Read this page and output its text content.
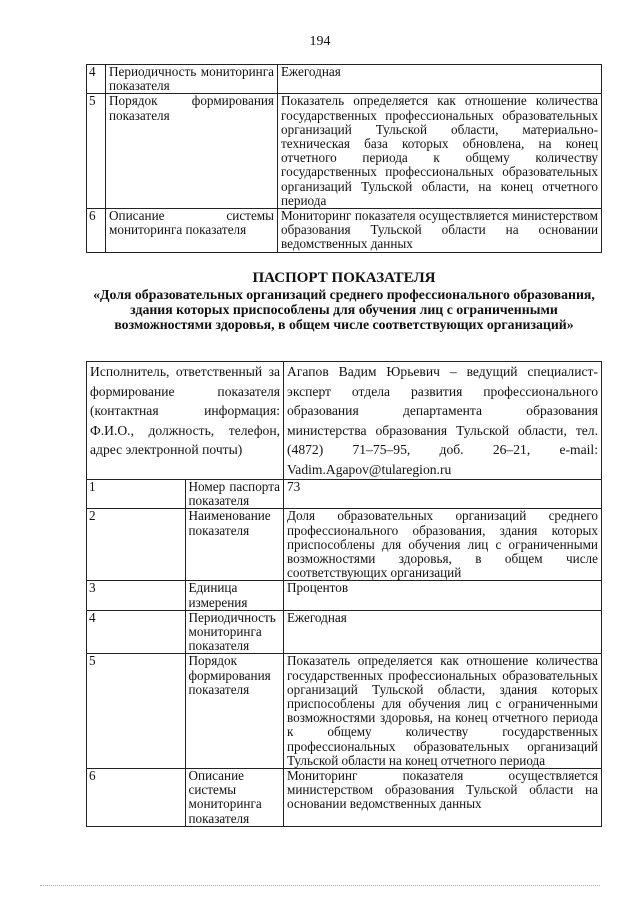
194
4	Периодичность мониторинга показателя	Ежегодная
5	Порядок формирования показателя	Показатель определяется как отношение количества государственных профессиональных образовательных организаций Тульской области, материально-техническая база которых обновлена, на конец отчетного периода к общему количеству государственных профессиональных образовательных организаций Тульской области, на конец отчетного периода
6	Описание системы мониторинга показателя	Мониторинг показателя осуществляется министерством образования Тульской области на основании ведомственных данных
ПАСПОРТ ПОКАЗАТЕЛЯ
«Доля образовательных организаций среднего профессионального образования, здания которых приспособлены для обучения лиц с ограниченными возможностями здоровья, в общем числе соответствующих организаций»
Исполнитель, ответственный за формирование показателя (контактная информация: Ф.И.О., должность, телефон, адрес электронной почты)		Агапов Вадим Юрьевич – ведущий специалист-эксперт отдела развития профессионального образования департамента образования министерства образования Тульской области, тел. (4872) 71–75–95, доб. 26–21, e-mail: Vadim.Agapov@tularegion.ru
1	Номер паспорта показателя	73
2	Наименование показателя	Доля образовательных организаций среднего профессионального образования, здания которых приспособлены для обучения лиц с ограниченными возможностями здоровья, в общем числе соответствующих организаций
3	Единица измерения	Процентов
4	Периодичность мониторинга показателя	Ежегодная
5	Порядок формирования показателя	Показатель определяется как отношение количества государственных профессиональных образовательных организаций Тульской области, здания которых приспособлены для обучения лиц с ограниченными возможностями здоровья, на конец отчетного периода к общему количеству государственных профессиональных образовательных организаций Тульской области на конец отчетного периода
6	Описание системы мониторинга показателя	Мониторинг показателя осуществляется министерством образования Тульской области на основании ведомственных данных
